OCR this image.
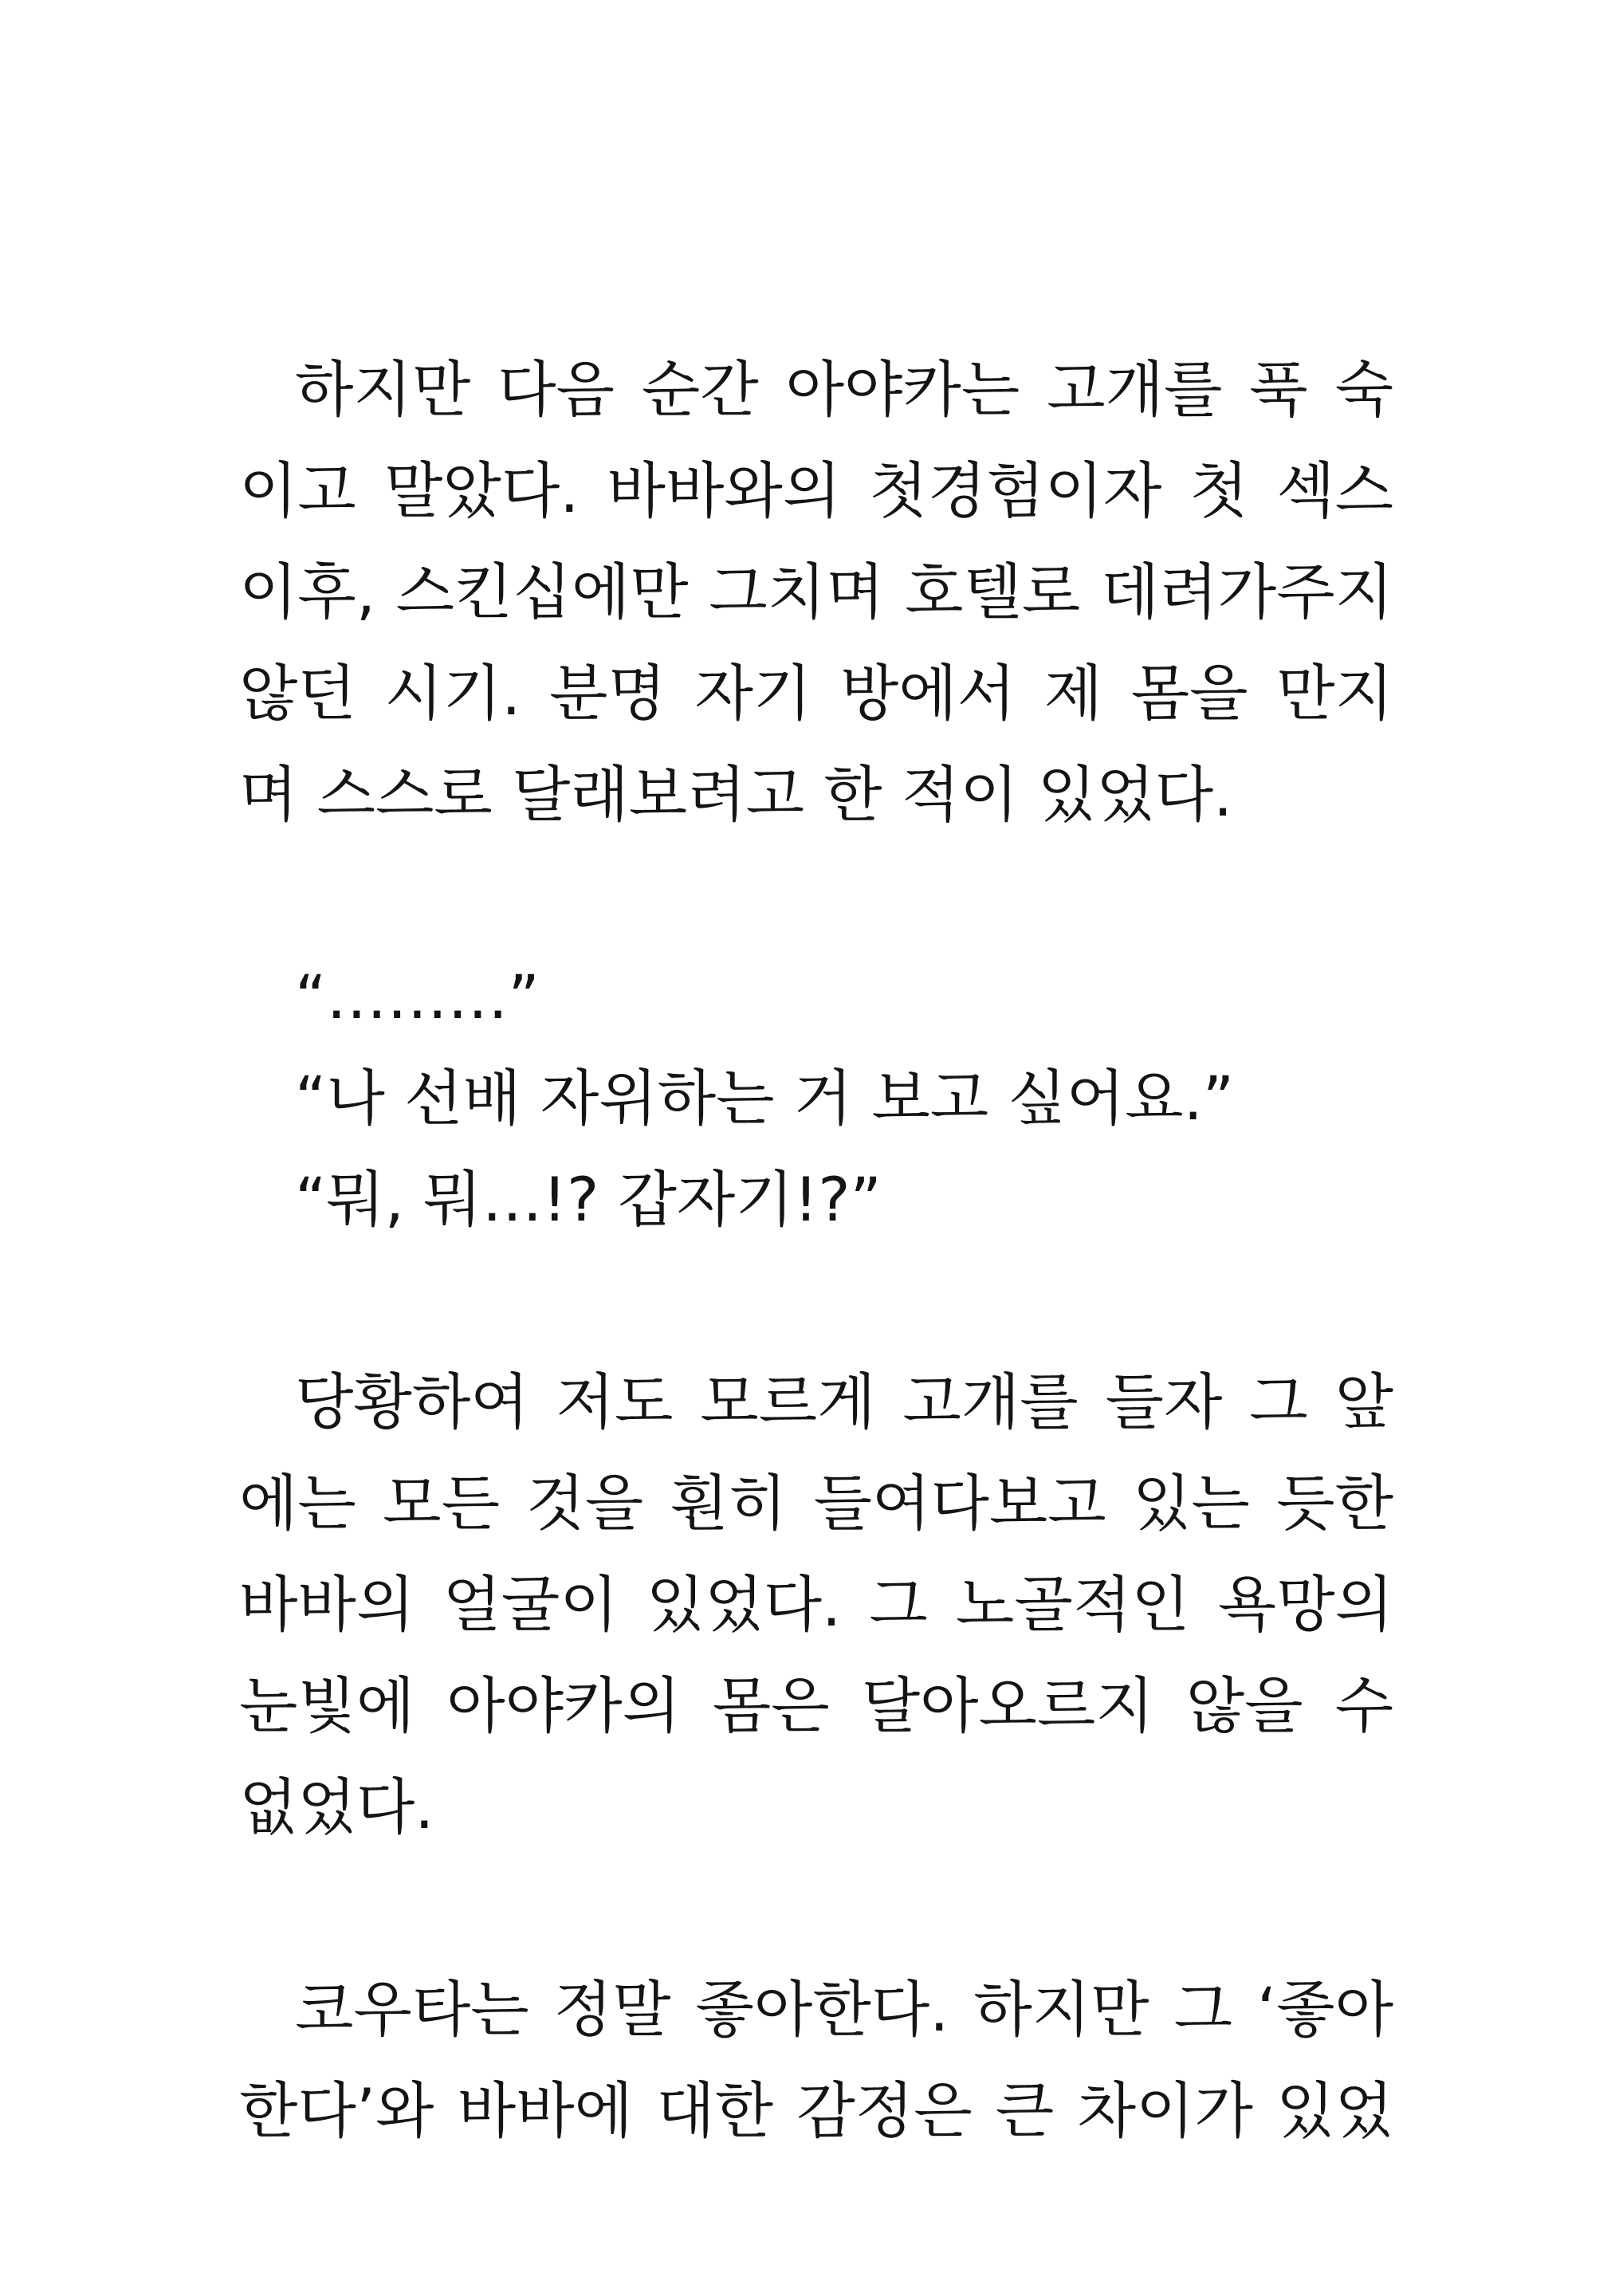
하지만 다음 순간 아야카는 고개를 푹 숙
이고 말았다. 바바와의 첫경험이자 첫 섹스
이후, 스킨십에만 그치며 호텔로 데려가주지
않던 시기. 분명 자기 방에서 제 몸을 만지
며 스스로 달래보려고 한 적이 있었다.
“………”
“나 선배 자위하는 거 보고 싶어요.”
“뭐, 뭐…!? 갑자기!?”
당황하여 저도 모르게 고개를 들자 그 앞
에는 모든 것을 훤히 들여다보고 있는 듯한
바바의 얼굴이 있었다. 그 노골적인 욕망의
눈빛에 아야카의 몸은 달아오르지 않을 수
없었다.
코우타는 정말 좋아한다. 하지만 그 ‘좋아
한다’와 바바에 대한 감정은 큰 차이가 있었
